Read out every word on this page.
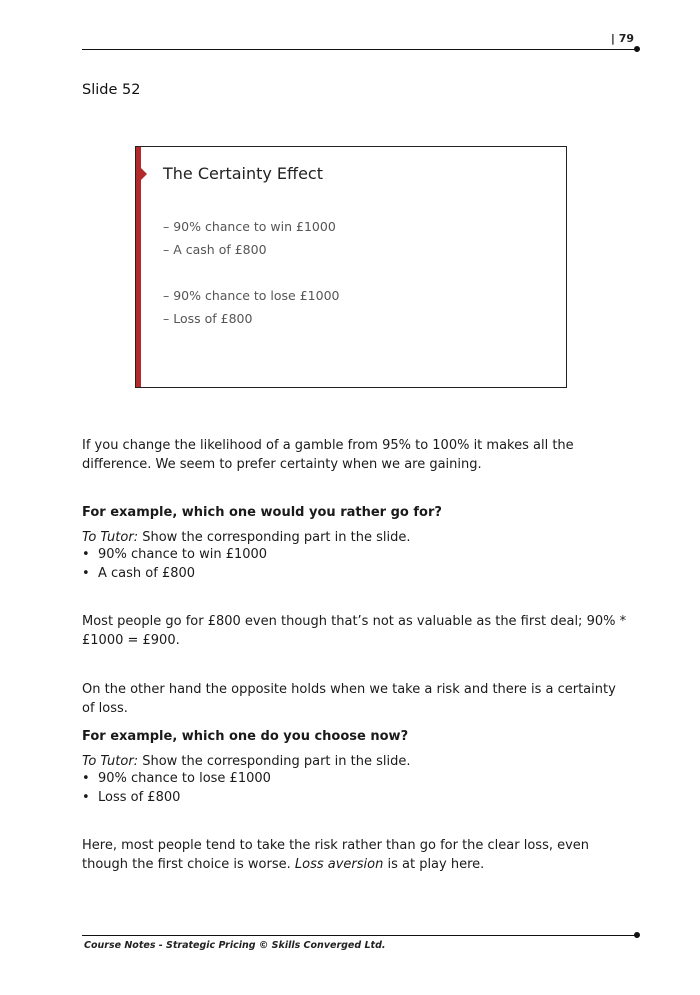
| 79
Slide 52
The Certainty Effect
– 90% chance to win £1000
– A cash of £800
– 90% chance to lose £1000
– Loss of £800
If you change the likelihood of a gamble from 95% to 100% it makes all the difference. We seem to prefer certainty when we are gaining.
For example, which one would you rather go for?
To Tutor: Show the corresponding part in the slide.
• 90% chance to win £1000
• A cash of £800
Most people go for £800 even though that’s not as valuable as the first deal; 90% * £1000 = £900.
On the other hand the opposite holds when we take a risk and there is a certainty of loss.
For example, which one do you choose now?
To Tutor: Show the corresponding part in the slide.
• 90% chance to lose £1000
• Loss of £800
Here, most people tend to take the risk rather than go for the clear loss, even though the first choice is worse. Loss aversion is at play here.
Course Notes - Strategic Pricing © Skills Converged Ltd.
